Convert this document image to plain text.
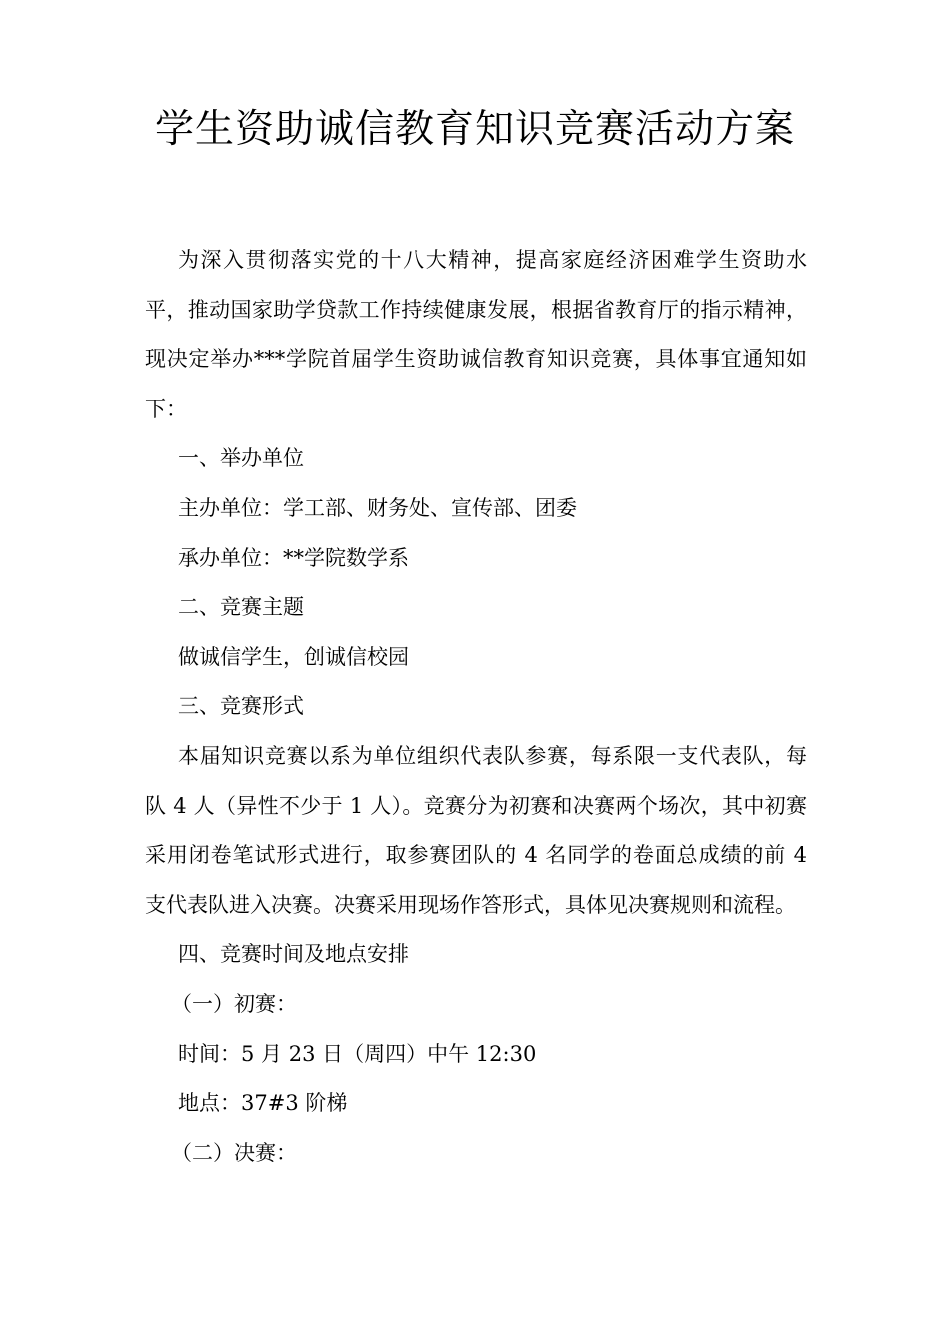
学生资助诚信教育知识竞赛活动方案

为深入贯彻落实党的十八大精神，提高家庭经济困难学生资助水平，推动国家助学贷款工作持续健康发展，根据省教育厅的指示精神，现决定举办***学院首届学生资助诚信教育知识竞赛，具体事宜通知如下：

一、举办单位

主办单位：学工部、财务处、宣传部、团委

承办单位：**学院数学系

二、竞赛主题

做诚信学生，创诚信校园

三、竞赛形式

本届知识竞赛以系为单位组织代表队参赛，每系限一支代表队，每队 4 人（异性不少于 1 人）。竞赛分为初赛和决赛两个场次，其中初赛采用闭卷笔试形式进行，取参赛团队的 4 名同学的卷面总成绩的前 4 支代表队进入决赛。决赛采用现场作答形式，具体见决赛规则和流程。

四、竞赛时间及地点安排

（一）初赛：

时间：5 月 23 日（周四）中午 12:30

地点：37#3 阶梯

（二）决赛：
